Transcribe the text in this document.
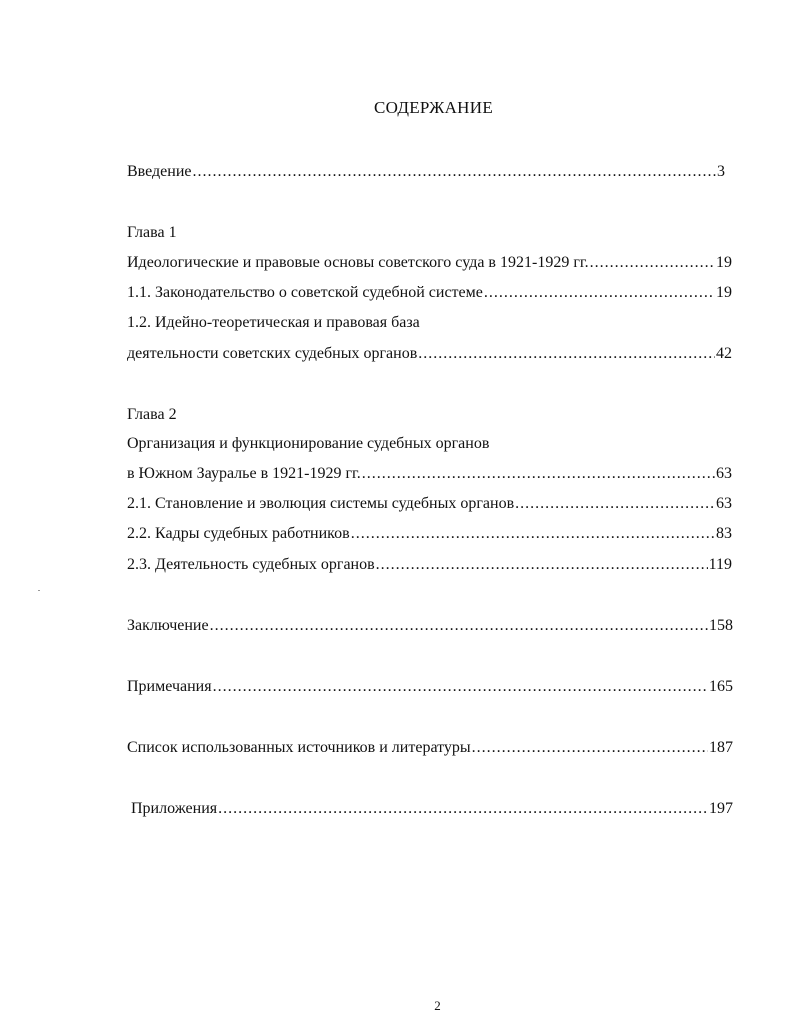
СОДЕРЖАНИЕ
Введение .....	3
Глава 1
Идеологические и правовые основы советского суда в 1921-1929 гг. .....	19
1.1. Законодательство о советской судебной системе .....	19
1.2. Идейно-теоретическая и правовая база
деятельности советских судебных органов .....	42
Глава 2
Организация и функционирование судебных органов
в Южном Зауралье в 1921-1929 гг. .....	63
2.1. Становление и эволюция системы судебных органов .....	63
2.2. Кадры судебных работников .....	83
2.3. Деятельность судебных органов .....	119
Заключение .....	158
Примечания .....	165
Список использованных источников и литературы .....	187
Приложения .....	197
2
